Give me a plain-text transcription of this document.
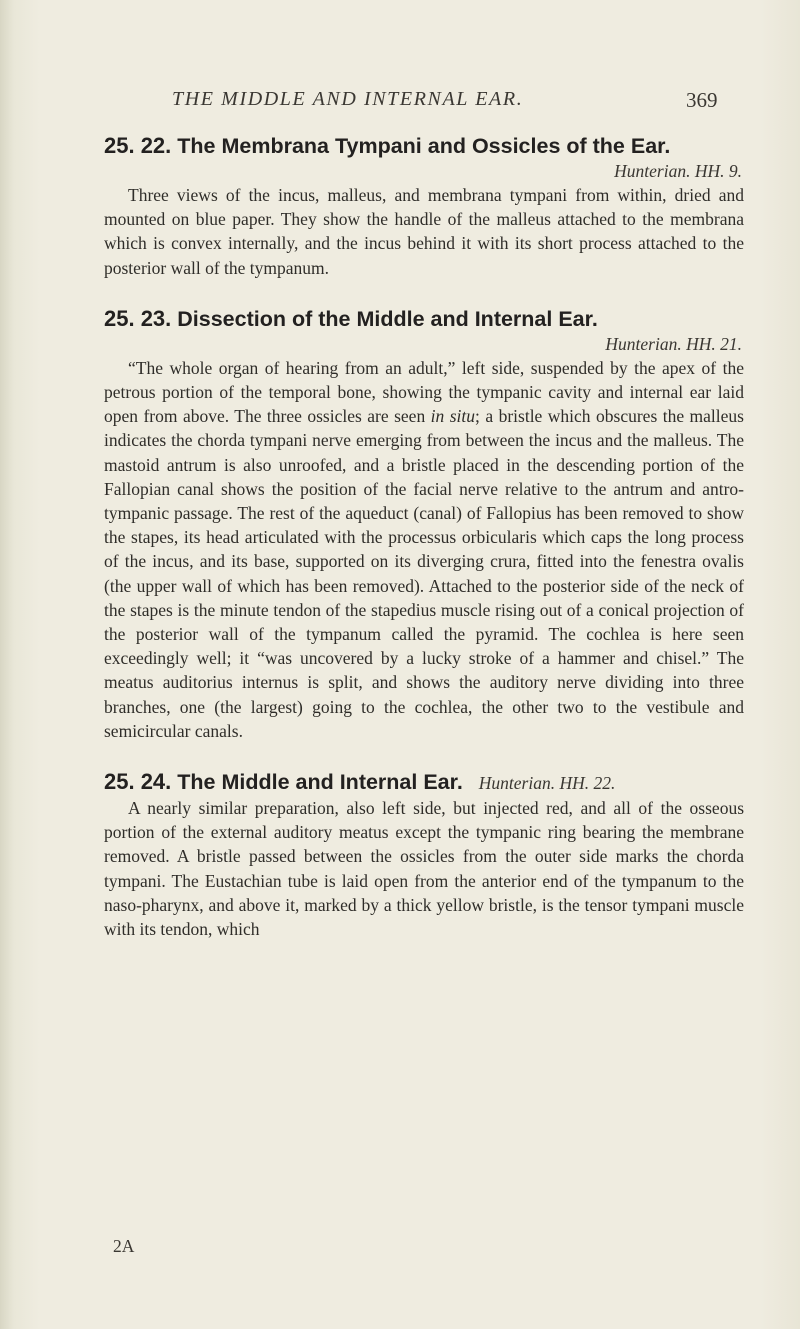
THE MIDDLE AND INTERNAL EAR.	369
25. 22. The Membrana Tympani and Ossicles of the Ear.
Hunterian. HH. 9.

Three views of the incus, malleus, and membrana tympani from within, dried and mounted on blue paper. They show the handle of the malleus attached to the membrana which is convex internally, and the incus behind it with its short process attached to the posterior wall of the tympanum.

25. 23. Dissection of the Middle and Internal Ear.
Hunterian. HH. 21.

“The whole organ of hearing from an adult,” left side, suspended by the apex of the petrous portion of the temporal bone, showing the tympanic cavity and internal ear laid open from above. The three ossicles are seen in situ; a bristle which obscures the malleus indicates the chorda tympani nerve emerging from between the incus and the malleus. The mastoid antrum is also unroofed, and a bristle placed in the descending portion of the Fallopian canal shows the position of the facial nerve relative to the antrum and antro-tympanic passage. The rest of the aqueduct (canal) of Fallopius has been removed to show the stapes, its head articulated with the processus orbicularis which caps the long process of the incus, and its base, supported on its diverging crura, fitted into the fenestra ovalis (the upper wall of which has been removed). Attached to the posterior side of the neck of the stapes is the minute tendon of the stapedius muscle rising out of a conical projection of the posterior wall of the tympanum called the pyramid. The cochlea is here seen exceedingly well; it “was uncovered by a lucky stroke of a hammer and chisel.” The meatus auditorius internus is split, and shows the auditory nerve dividing into three branches, one (the largest) going to the cochlea, the other two to the vestibule and semicircular canals.

25. 24. The Middle and Internal Ear. Hunterian. HH. 22.

A nearly similar preparation, also left side, but injected red, and all of the osseous portion of the external auditory meatus except the tympanic ring bearing the membrane removed. A bristle passed between the ossicles from the outer side marks the chorda tympani. The Eustachian tube is laid open from the anterior end of the tympanum to the naso-pharynx, and above it, marked by a thick yellow bristle, is the tensor tympani muscle with its tendon, which

2A
